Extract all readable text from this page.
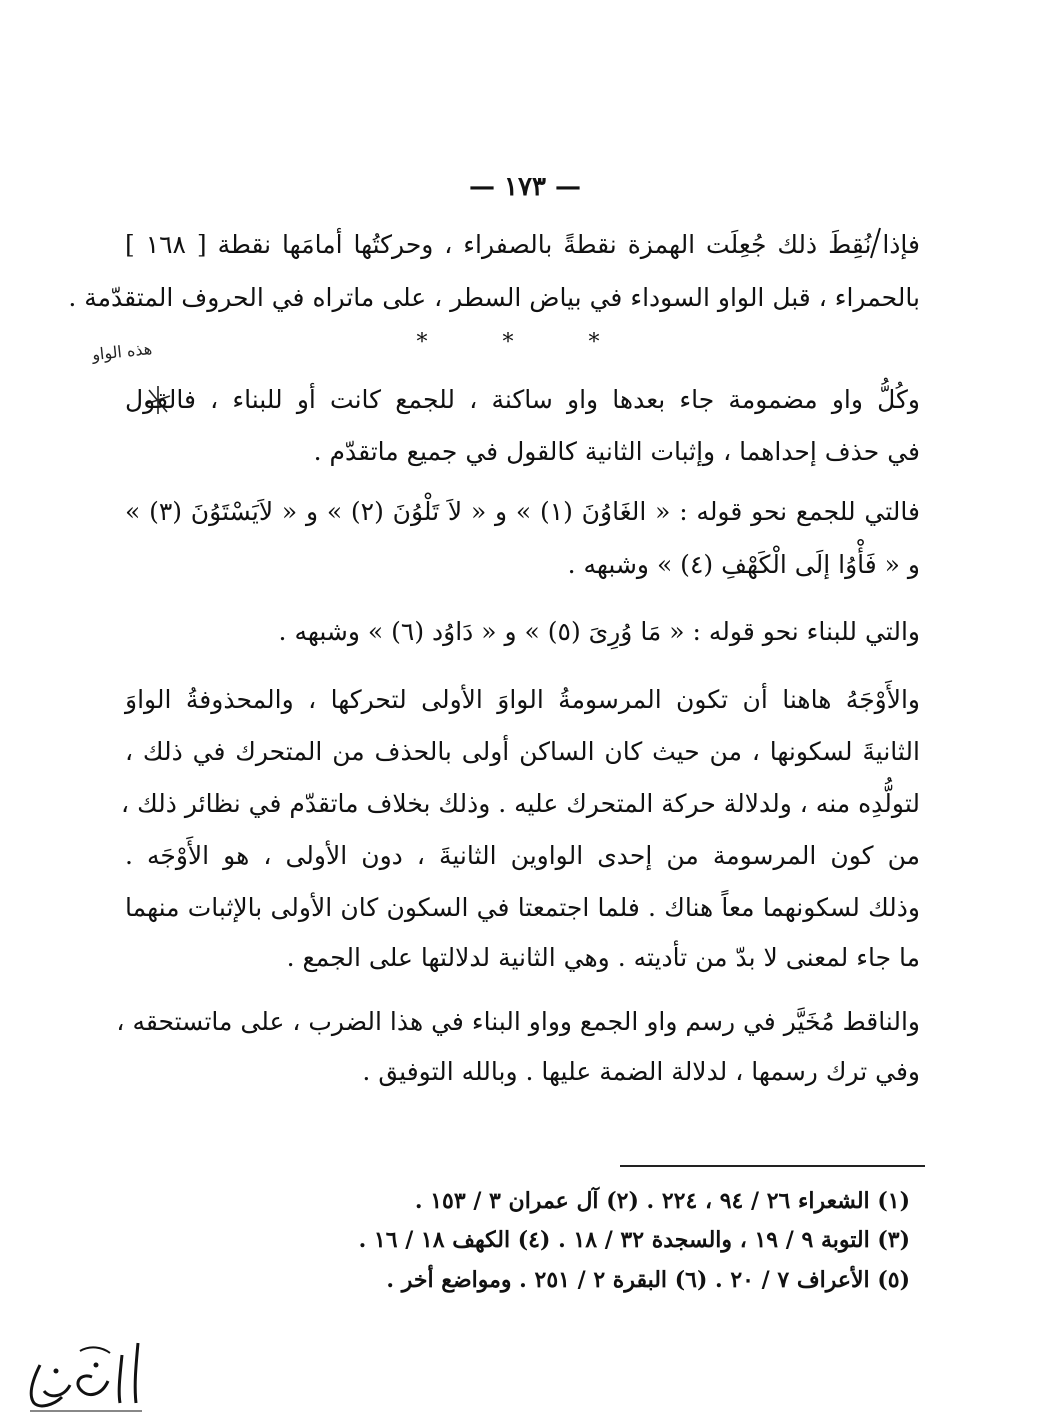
— ١٧٣ —
فإذا نُقِطَ ذلك جُعِلَت الهمزة نقطةً بالصفراء ، وحركتُها أمامَها نقطة [ ١٦٨ ]
بالحمراء ، قبل الواو السوداء في بياض السطر ، على ماتراه في الحروف المتقدّمة .
* * *
هذه الواو
وكُلُّ واو مضمومة جاء بعدها واو ساكنة ، للجمع كانت أو للبناء ، فالقول
في حذف إحداهما ، وإثبات الثانية كالقول في جميع ماتقدّم .
فالتي للجمع نحو قوله : « الغَاوُنَ (١) » و « لاَ تَلْوُنَ (٢) » و « لاَيَسْتَوُنَ (٣) »
و « فَأْوُا إلَى الْكَهْفِ (٤) » وشبهه .
والتي للبناء نحو قوله : « مَا وُرِىَ (٥) » و « دَاوُد (٦) » وشبهه .
والأَوْجَهُ هاهنا أن تكون المرسومةُ الواوَ الأولى لتحركها ، والمحذوفةُ الواوَ
الثانيةَ لسكونها ، من حيث كان الساكن أولى بالحذف من المتحرك في ذلك ،
لتولُّدِه منه ، ولدلالة حركة المتحرك عليه . وذلك بخلاف ماتقدّم في نظائر ذلك ،
من كون المرسومة من إحدى الواوين الثانيةَ ، دون الأولى ، هو الأَوْجَه .
وذلك لسكونهما معاً هناك . فلما اجتمعتا في السكون كان الأولى بالإثبات منهما
ما جاء لمعنى لا بدّ من تأديته . وهي الثانية لدلالتها على الجمع .
والناقط مُخَيَّر في رسم واو الجمع وواو البناء في هذا الضرب ، على ماتستحقه ،
وفي ترك رسمها ، لدلالة الضمة عليها . وبالله التوفيق .
(١) الشعراء ٢٦ / ٩٤ ، ٢٢٤ . (٢) آل عمران ٣ / ١٥٣ .
(٣) التوبة ٩ / ١٩ ، والسجدة ٣٢ / ١٨ . (٤) الكهف ١٨ / ١٦ .
(٥) الأعراف ٧ / ٢٠ . (٦) البقرة ٢ / ٢٥١ . ومواضع أخر .
